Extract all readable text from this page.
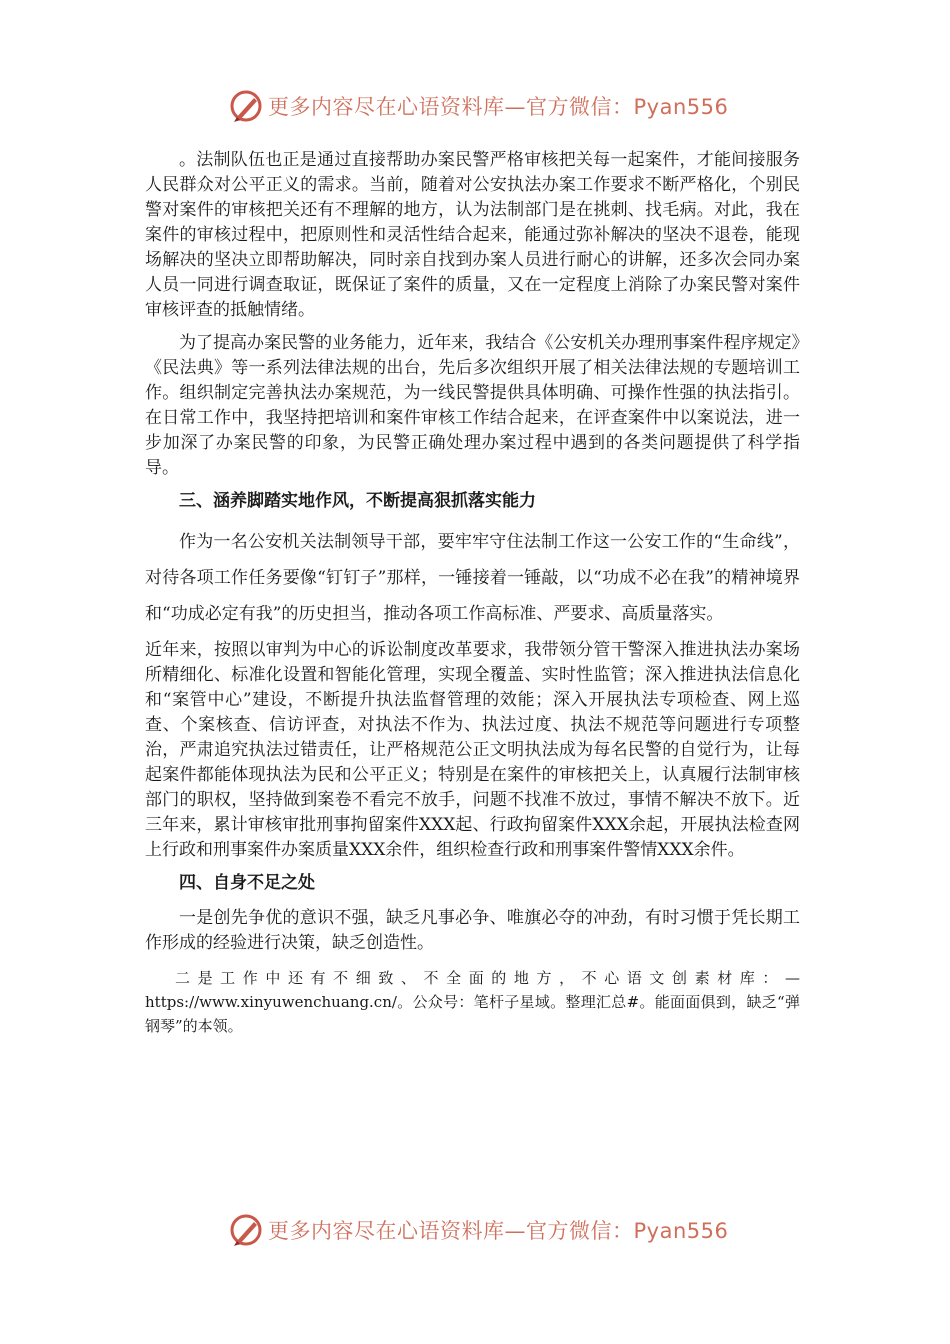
更多内容尽在心语资料库—官方微信：Pyan556

。法制队伍也正是通过直接帮助办案民警严格审核把关每一起案件，才能间接服务人民群众对公平正义的需求。当前，随着对公安执法办案工作要求不断严格化，个别民警对案件的审核把关还有不理解的地方，认为法制部门是在挑刺、找毛病。对此，我在案件的审核过程中，把原则性和灵活性结合起来，能通过弥补解决的坚决不退卷，能现场解决的坚决立即帮助解决，同时亲自找到办案人员进行耐心的讲解，还多次会同办案人员一同进行调查取证，既保证了案件的质量，又在一定程度上消除了办案民警对案件审核评查的抵触情绪。

为了提高办案民警的业务能力，近年来，我结合《公安机关办理刑事案件程序规定》《民法典》等一系列法律法规的出台，先后多次组织开展了相关法律法规的专题培训工作。组织制定完善执法办案规范，为一线民警提供具体明确、可操作性强的执法指引。在日常工作中，我坚持把培训和案件审核工作结合起来，在评查案件中以案说法，进一步加深了办案民警的印象，为民警正确处理办案过程中遇到的各类问题提供了科学指导。

三、涵养脚踏实地作风，不断提高狠抓落实能力

作为一名公安机关法制领导干部，要牢牢守住法制工作这一公安工作的“生命线”，对待各项工作任务要像“钉钉子”那样，一锤接着一锤敲，以“功成不必在我”的精神境界和“功成必定有我”的历史担当，推动各项工作高标准、严要求、高质量落实。

近年来，按照以审判为中心的诉讼制度改革要求，我带领分管干警深入推进执法办案场所精细化、标准化设置和智能化管理，实现全覆盖、实时性监管；深入推进执法信息化和“案管中心”建设，不断提升执法监督管理的效能；深入开展执法专项检查、网上巡查、个案核查、信访评查，对执法不作为、执法过度、执法不规范等问题进行专项整治，严肃追究执法过错责任，让严格规范公正文明执法成为每名民警的自觉行为，让每起案件都能体现执法为民和公平正义；特别是在案件的审核把关上，认真履行法制审核部门的职权，坚持做到案卷不看完不放手，问题不找准不放过，事情不解决不放下。近三年来，累计审核审批刑事拘留案件XXX起、行政拘留案件XXX余起，开展执法检查网上行政和刑事案件办案质量XXX余件，组织检查行政和刑事案件警情XXX余件。

四、自身不足之处

一是创先争优的意识不强，缺乏凡事必争、唯旗必夺的冲劲，有时习惯于凭长期工作形成的经验进行决策，缺乏创造性。

二是工作中还有不细致、不全面的地方，不心语文创素材库：—https://www.xinyuwenchuang.cn/。公众号：笔杆子星域。整理汇总#。能面面俱到，缺乏“弹钢琴”的本领。

更多内容尽在心语资料库—官方微信：Pyan556
